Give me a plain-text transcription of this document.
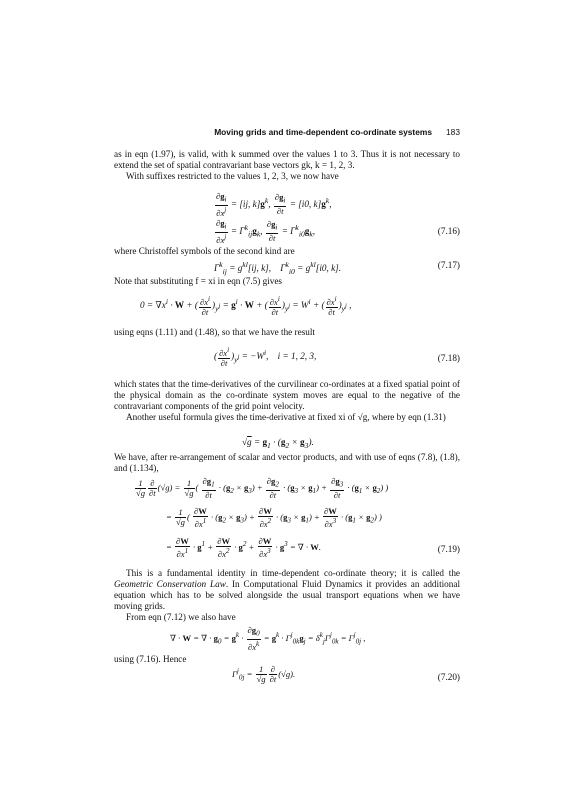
Moving grids and time-dependent co-ordinate systems 183
as in eqn (1.97), is valid, with k summed over the values 1 to 3. Thus it is not necessary to extend the set of spatial contravariant base vectors gk, k = 1, 2, 3.
With suffixes restricted to the values 1, 2, 3, we now have
$\frac{\partial g_i}{\partial x^j} = [ij$, $k]g^k$, $\frac{\partial g_i}{\partial t} = [i0$, $k]g^k$,
$\frac{\partial g_i}{\partial x^j} = \Gamma^k_{ij}g_k$, $\frac{\partial g_i}{\partial t} = \Gamma^k_{i0}g_k$,	(7.16)
where Christoffel symbols of the second kind are
$\Gamma^k_{ij} = g^{kl}[ij$, k],    $\Gamma^k_{i0} = g^{kl}[i0$, k].	(7.17)
Note that substituting f = xi in eqn (7.5) gives
$0 = \nabla x^i \cdot W$ + ( $\frac{\partial x^i}{\partial t} )_{y^j} = g^i \cdot W$ + ( $\frac{\partial x^i}{\partial t} )_{y^j} = W^i$ + ( $\frac{\partial x^i}{\partial t} )_{y^j}$ ,
using eqns (1.11) and (1.48), so that we have the result
( $\frac{\partial x^i}{\partial t} )_{y^j} = -W^i$,    i = 1, 2, 3,	(7.18)
which states that the time-derivatives of the curvilinear co-ordinates at a fixed spatial point of the physical domain as the co-ordinate system moves are equal to the negative of the contravariant components of the grid point velocity.
Another useful formula gives the time-derivative at fixed xi of √g, where by eqn (1.31)
$√g = g_1 \cdot (g_2 \times g_3)$.
We have, after re-arrangement of scalar and vector products, and with use of eqns (7.8), (1.8), and (1.134),
$\frac{1}{√g} \frac{\partial}{\partial t} (√g) = \frac{1}{√g}$ ( $\frac{\partial g_1}{\partial t} \cdot (g_2 \times g_3) + \frac{\partial g_2}{\partial t} \cdot (g_3 \times g_1) + \frac{\partial g_3}{\partial t} \cdot (g_1 \times g_2)$ )
= $\frac{1}{√g}$ ( $\frac{\partial W}{\partial x^1} \cdot (g_2 \times g_3) + \frac{\partial W}{\partial x^2} \cdot (g_3 \times g_1) + \frac{\partial W}{\partial x^3} \cdot (g_1 \times g_2)$ )
= $\frac{\partial W}{\partial x^1} \cdot g^1 + \frac{\partial W}{\partial x^2} \cdot g^2 + \frac{\partial W}{\partial x^3} \cdot g^3$ = ∇ · W.	(7.19)
This is a fundamental identity in time-dependent co-ordinate theory; it is called the Geometric Conservation Law. In Computational Fluid Dynamics it provides an additional equation which has to be solved alongside the usual transport equations when we have moving grids.
From eqn (7.12) we also have
∇ · W = ∇ · $g_0 = g^k \cdot \frac{\partial g_0}{\partial x^k} = g^k \cdot \Gamma^j_{0k}g_j = \delta^k_j\Gamma^j_{0k} = \Gamma^j_{0j}$ ,
using (7.16). Hence
$\Gamma^j_{0j} = \frac{1}{√g} \frac{\partial}{\partial t} (√g)$.	(7.20)
